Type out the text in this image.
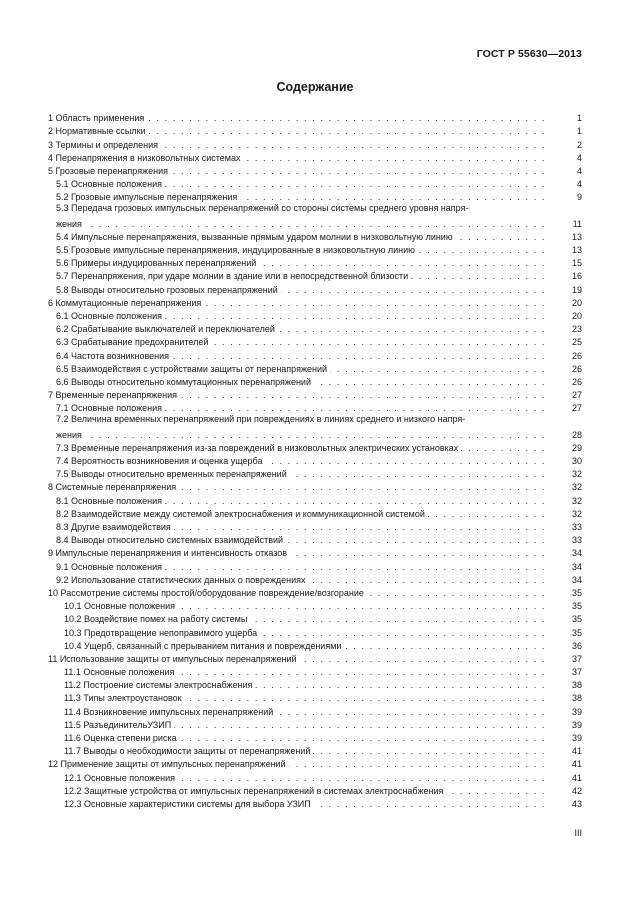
ГОСТ Р 55630—2013
Содержание
1 Область применения . . .	1
2 Нормативные ссылки . . .	1
3 Термины и определения . . .	2
4 Перенапряжения в низковольтных системах . . .	4
5 Грозовые перенапряжения . . .	4
5.1 Основные положения . . .	4
5.2 Грозовые импульсные перенапряжения . . .	9
5.3 Передача грозовых импульсных перенапряжений со стороны системы среднего уровня напря-
жения . . .	11
5.4 Импульсные перенапряжения, вызванные прямым ударом молнии в низковольтную линию . . .	13
5.5 Грозовые импульсные перенапряжения, индуцированные в низковольтную линию . . .	13
5.6 Примеры индуцированных перенапряжений . . .	15
5.7 Перенапряжения, при ударе молнии в здание или в непосредственной близости . . .	16
5.8 Выводы относительно грозовых перенапряжений . . .	19
6 Коммутационные перенапряжения . . .	20
6.1 Основные положения . . .	20
6.2 Срабатывание выключателей и переключателей . . .	23
6.3 Срабатывание предохранителей . . .	25
6.4 Частота возникновения . . .	26
6.5 Взаимодействия с устройствами защиты от перенапряжений . . .	26
6.6 Выводы относительно коммутационных перенапряжений . . .	26
7 Временные перенапряжения . . .	27
7.1 Основные положения . . .	27
7.2 Величина временных перенапряжений при повреждениях в линиях среднего и низкого напря-
жения . . .	28
7.3 Временные перенапряжения из-за повреждений в низковольтных электрических установках . . .	29
7.4 Вероятность возникновения и оценка ущерба . . .	30
7.5 Выводы относительно временных перенапряжений . . .	32
8 Системные перенапряжения . . .	32
8.1 Основные положения . . .	32
8.2 Взаимодействие между системой электроснабжения и коммуникационной системой . . .	32
8.3 Другие взаимодействия . . .	33
8.4 Выводы относительно системных взаимодействий . . .	33
9 Импульсные перенапряжения и интенсивность отказов . . .	34
9.1 Основные положения . . .	34
9.2 Использование статистических данных о повреждениях . . .	34
10 Рассмотрение системы простой/оборудование повреждение/возгорание . . .	35
10.1 Основные положения . . .	35
10.2 Воздействие помех на работу системы . . .	35
10.3 Предотвращение непоправимого ущерба . . .	35
10.4 Ущерб, связанный с прерыванием питания и повреждениями . . .	36
11 Использование защиты от импульсных перенапряжений . . .	37
11.1 Основные положения . . .	37
11.2 Построение системы электроснабжения . . .	38
11.3 Типы электроустановок . . .	38
11.4 Возникновение импульсных перенапряжений . . .	39
11.5 РазъединительУЗИП . . .	39
11.6 Оценка степени риска . . .	39
11.7 Выводы о необходимости защиты от перенапряжений . . .	41
12 Применение защиты от импульсных перенапряжений . . .	41
12.1 Основные положения . . .	41
12.2 Защитные устройства от импульсных перенапряжений в системах электроснабжения . . .	42
12.3 Основные характеристики системы для выбора УЗИП . . .	43
III
